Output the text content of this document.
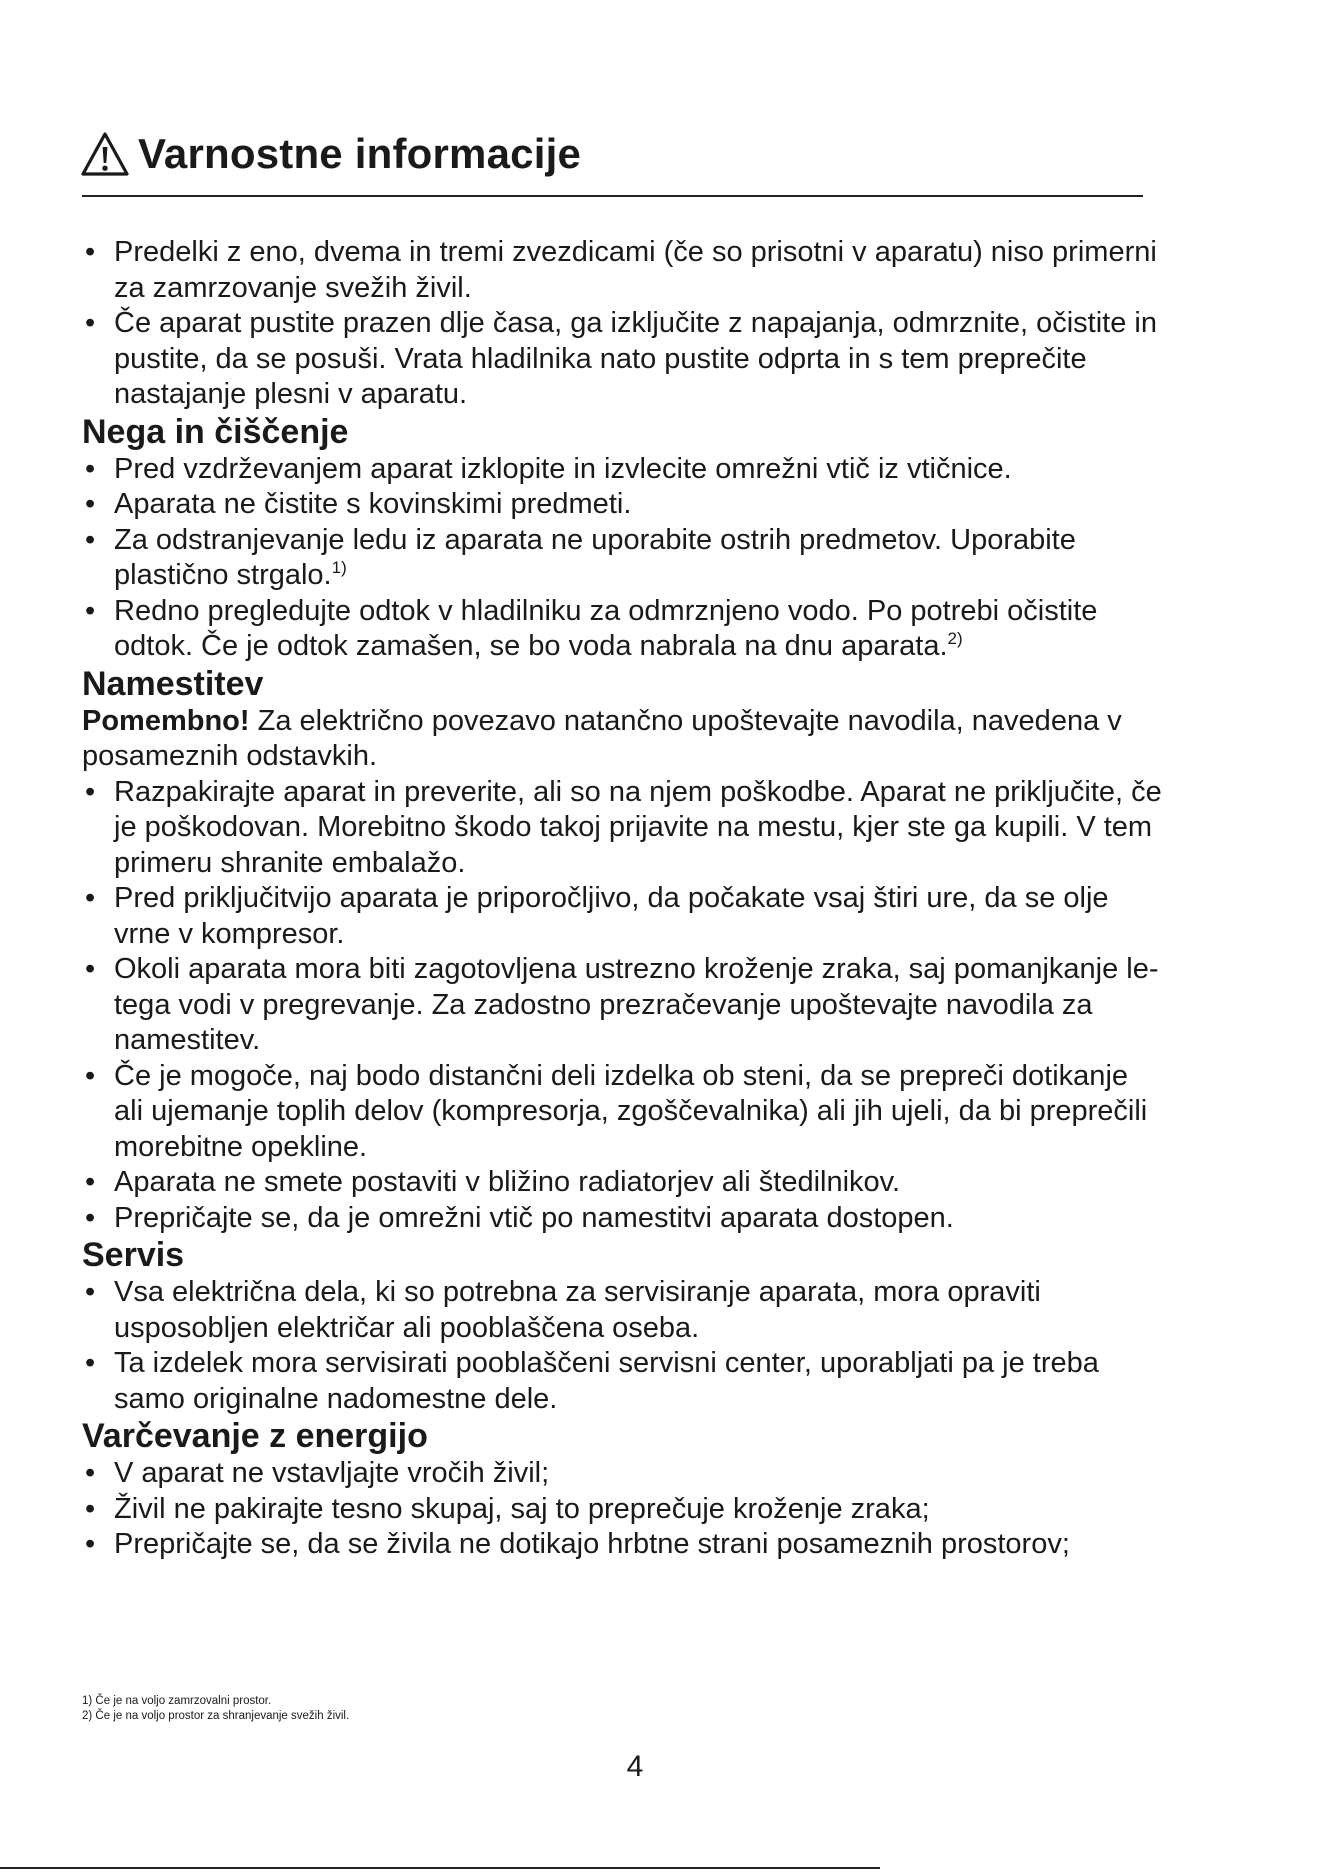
Varnostne informacije
• Predelki z eno, dvema in tremi zvezdicami (če so prisotni v aparatu) niso primerni za zamrzovanje svežih živil.
• Če aparat pustite prazen dlje časa, ga izključite z napajanja, odmrznite, očistite in pustite, da se posuši. Vrata hladilnika nato pustite odprta in s tem preprečite nastajanje plesni v aparatu.
Nega in čiščenje
• Pred vzdrževanjem aparat izklopite in izvlecite omrežni vtič iz vtičnice.
• Aparata ne čistite s kovinskimi predmeti.
• Za odstranjevanje ledu iz aparata ne uporabite ostrih predmetov. Uporabite plastično strgalo.$^{1)}$
• Redno pregledujte odtok v hladilniku za odmrznjeno vodo. Po potrebi očistite odtok. Če je odtok zamašen, se bo voda nabrala na dnu aparata.$^{2)}$
Namestitev

Pomembno! Za električno povezavo natančno upoštevajte navodila, navedena v posameznih odstavkih.

• Razpakirajte aparat in preverite, ali so na njem poškodbe. Aparat ne priključite, če je poškodovan. Morebitno škodo takoj prijavite na mestu, kjer ste ga kupili. V tem primeru shranite embalažo.
• Pred priključitvijo aparata je priporočljivo, da počakate vsaj štiri ure, da se olje vrne v kompresor.
• Okoli aparata mora biti zagotovljena ustrezno kroženje zraka, saj pomanjkanje le-tega vodi v pregrevanje. Za zadostno prezračevanje upoštevajte navodila za namestitev.
• Če je mogoče, naj bodo distančni deli izdelka ob steni, da se prepreči dotikanje ali ujemanje toplih delov (kompresorja, zgoščevalnika) ali jih ujeli, da bi preprečili morebitne opekline.
• Aparata ne smete postaviti v bližino radiatorjev ali štedilnikov.
• Prepričajte se, da je omrežni vtič po namestitvi aparata dostopen.
Servis
• Vsa električna dela, ki so potrebna za servisiranje aparata, mora opraviti usposobljen električar ali pooblaščena oseba.
• Ta izdelek mora servisirati pooblaščeni servisni center, uporabljati pa je treba samo originalne nadomestne dele.
Varčevanje z energijo
• V aparat ne vstavljajte vročih živil;
• Živil ne pakirajte tesno skupaj, saj to preprečuje kroženje zraka;
• Prepričajte se, da se živila ne dotikajo hrbtne strani posameznih prostorov;
1) Če je na voljo zamrzovalni prostor.
2) Če je na voljo prostor za shranjevanje svežih živil.
4
